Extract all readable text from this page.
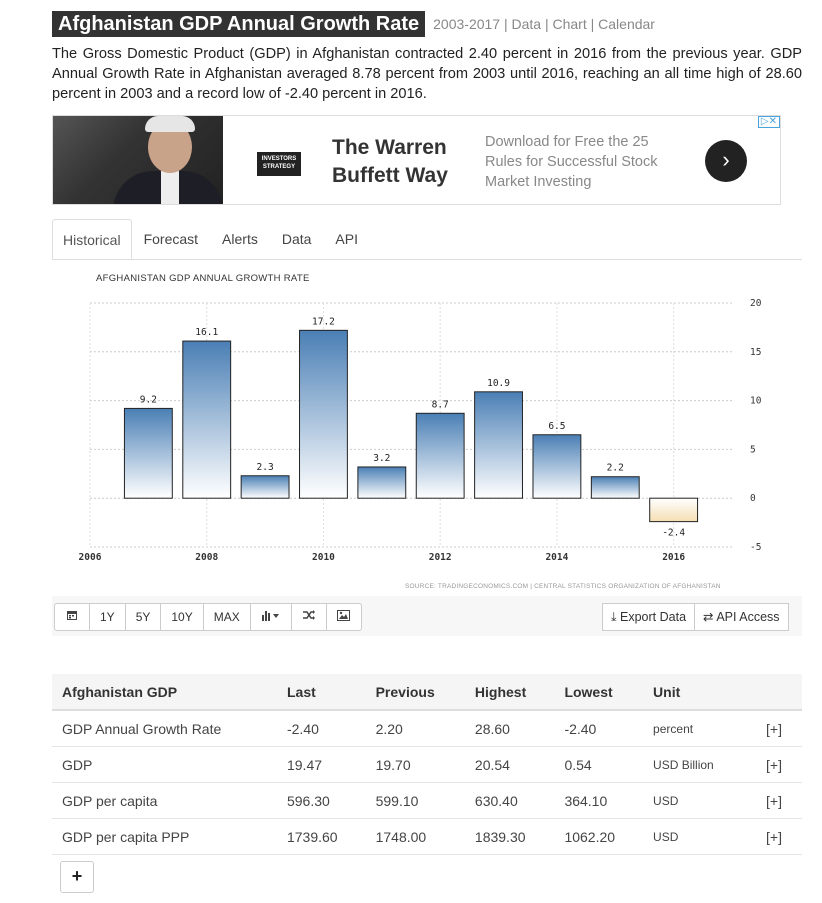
Afghanistan GDP Annual Growth Rate	2003-2017 | Data | Chart | Calendar
The Gross Domestic Product (GDP) in Afghanistan contracted 2.40 percent in 2016 from the previous year. GDP Annual Growth Rate in Afghanistan averaged 8.78 percent from 2003 until 2016, reaching an all time high of 28.60 percent in 2003 and a record low of -2.40 percent in 2016.
INVESTORS STRATEGY
The Warren Buffett Way
Download for Free the 25 Rules for Successful Stock Market Investing
›
▷✕
Historical	Forecast	Alerts	Data	API
AFGHANISTAN GDP ANNUAL GROWTH RATE
20
15
10
5
0
-5
2006	2008	2010	2012	2014	2016
9.2
16.1
2.3
17.2
3.2
8.7
10.9
6.5
2.2
-2.4
SOURCE: TRADINGECONOMICS.COM | CENTRAL STATISTICS ORGANIZATION OF AFGHANISTAN
1Y	5Y	10Y	MAX	⤓ Export Data	⇄ API Access
Afghanistan GDP	Last	Previous	Highest	Lowest	Unit	
GDP Annual Growth Rate	-2.40	2.20	28.60	-2.40	percent	[+]
GDP	19.47	19.70	20.54	0.54	USD Billion	[+]
GDP per capita	596.30	599.10	630.40	364.10	USD	[+]
GDP per capita PPP	1739.60	1748.00	1839.30	1062.20	USD	[+]
+
